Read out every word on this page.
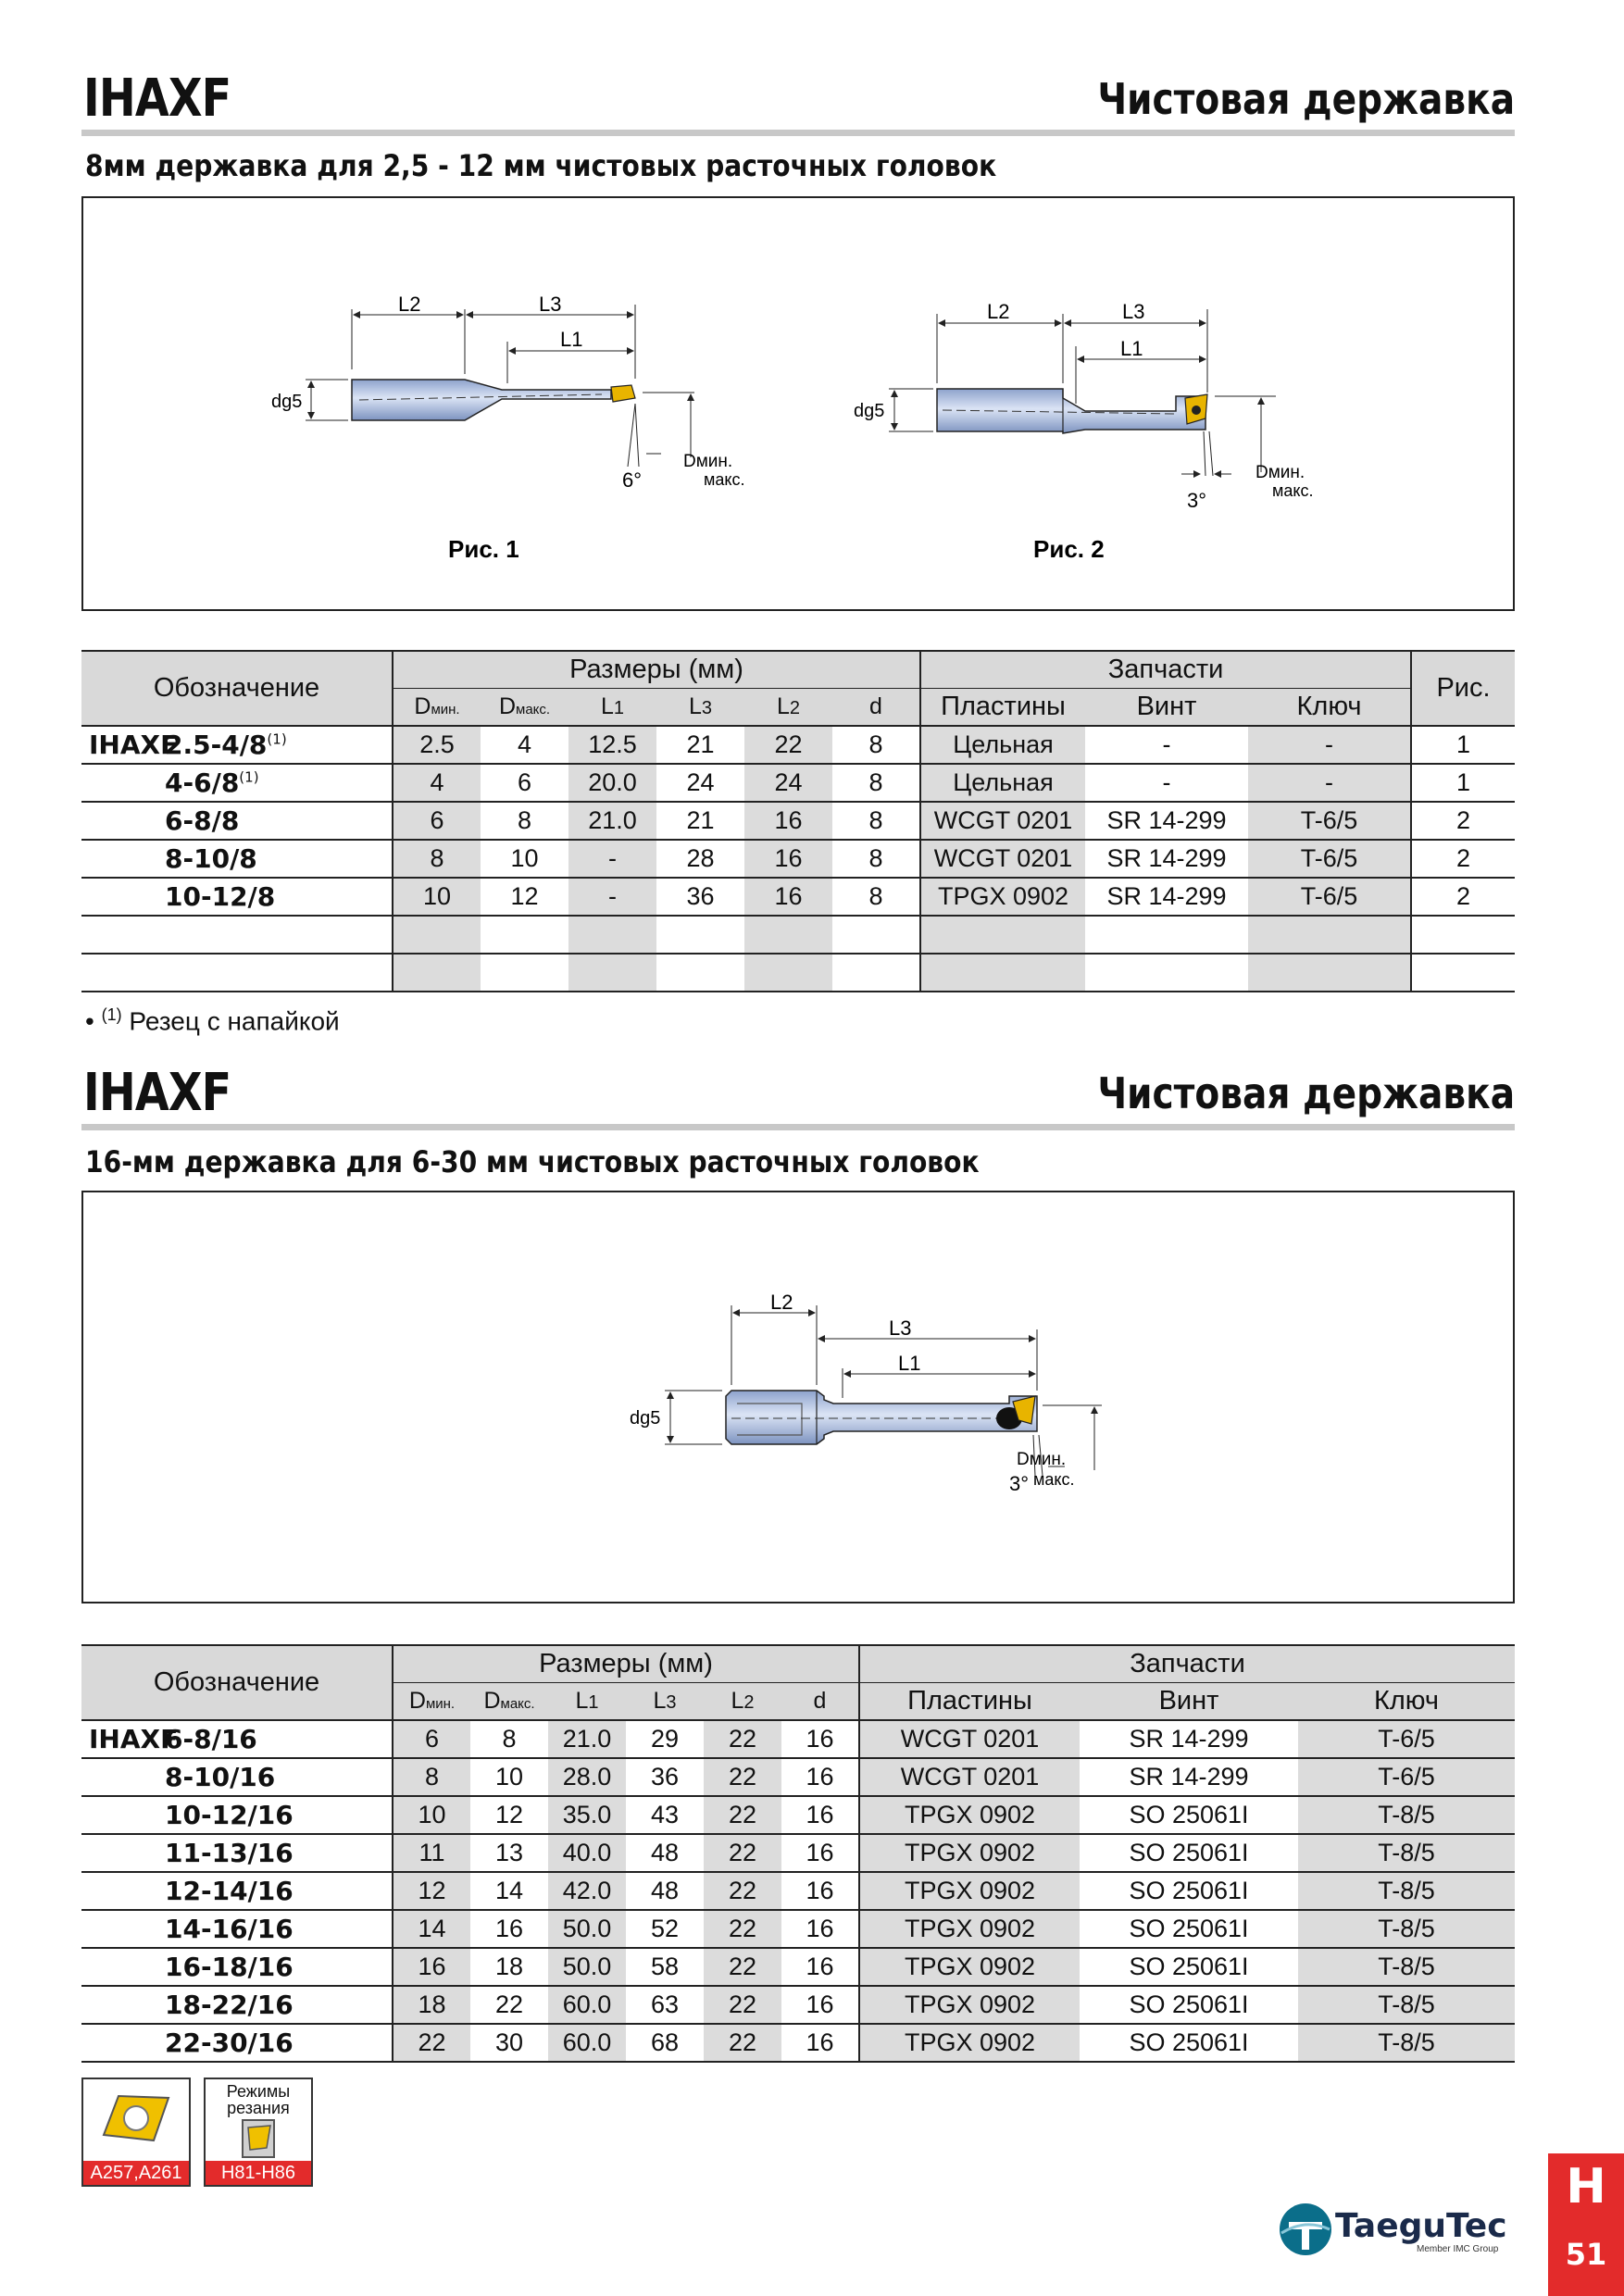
IHAXF	Чистовая державка
8мм державка для 2,5 - 12 мм чистовых расточных головок
L2	L3
L1
dg5
6°
Dмин.
макс.
Рис. 1
L2	L3
L1
dg5
3°
Dмин.
макс.
Рис. 2
Обозначение	Размеры (мм)						Запчасти			Рис.
	Dмин.	Dмакс.	L1	L3	L2	d	Пластины	Винт	Ключ	
IHAXF2.5-4/8$^{(1)}$	2.5	4	12.5	21	22	8	Цельная	-	-	1
4-6/8$^{(1)}$	4	6	20.0	24	24	8	Цельная	-	-	1
6-8/8	6	8	21.0	21	16	8	WCGT 0201	SR 14-299	T-6/5	2
8-10/8	8	10	-	28	16	8	WCGT 0201	SR 14-299	T-6/5	2
10-12/8	10	12	-	36	16	8	TPGX 0902	SR 14-299	T-6/5	2

• $^{(1)}$ Резец с напайкой
IHAXF	Чистовая державка
16-мм державка для 6-30 мм чистовых расточных головок
L2
L3
L1
dg5
3°
Dмин.
макс.
Обозначение	Размеры (мм)						Запчасти		
	Dмин.	Dмакс.	L1	L3	L2	d	Пластины	Винт	Ключ
IHAXF6-8/16	6	8	21.0	29	22	16	WCGT 0201	SR 14-299	T-6/5
8-10/16	8	10	28.0	36	22	16	WCGT 0201	SR 14-299	T-6/5
10-12/16	10	12	35.0	43	22	16	TPGX 0902	SO 25061I	T-8/5
11-13/16	11	13	40.0	48	22	16	TPGX 0902	SO 25061I	T-8/5
12-14/16	12	14	42.0	48	22	16	TPGX 0902	SO 25061I	T-8/5
14-16/16	14	16	50.0	52	22	16	TPGX 0902	SO 25061I	T-8/5
16-18/16	16	18	50.0	58	22	16	TPGX 0902	SO 25061I	T-8/5
18-22/16	18	22	60.0	63	22	16	TPGX 0902	SO 25061I	T-8/5
22-30/16	22	30	60.0	68	22	16	TPGX 0902	SO 25061I	T-8/5
A257,A261
Режимы резания
H81-H86
TaeguTec
Member IMC Group
H
51
